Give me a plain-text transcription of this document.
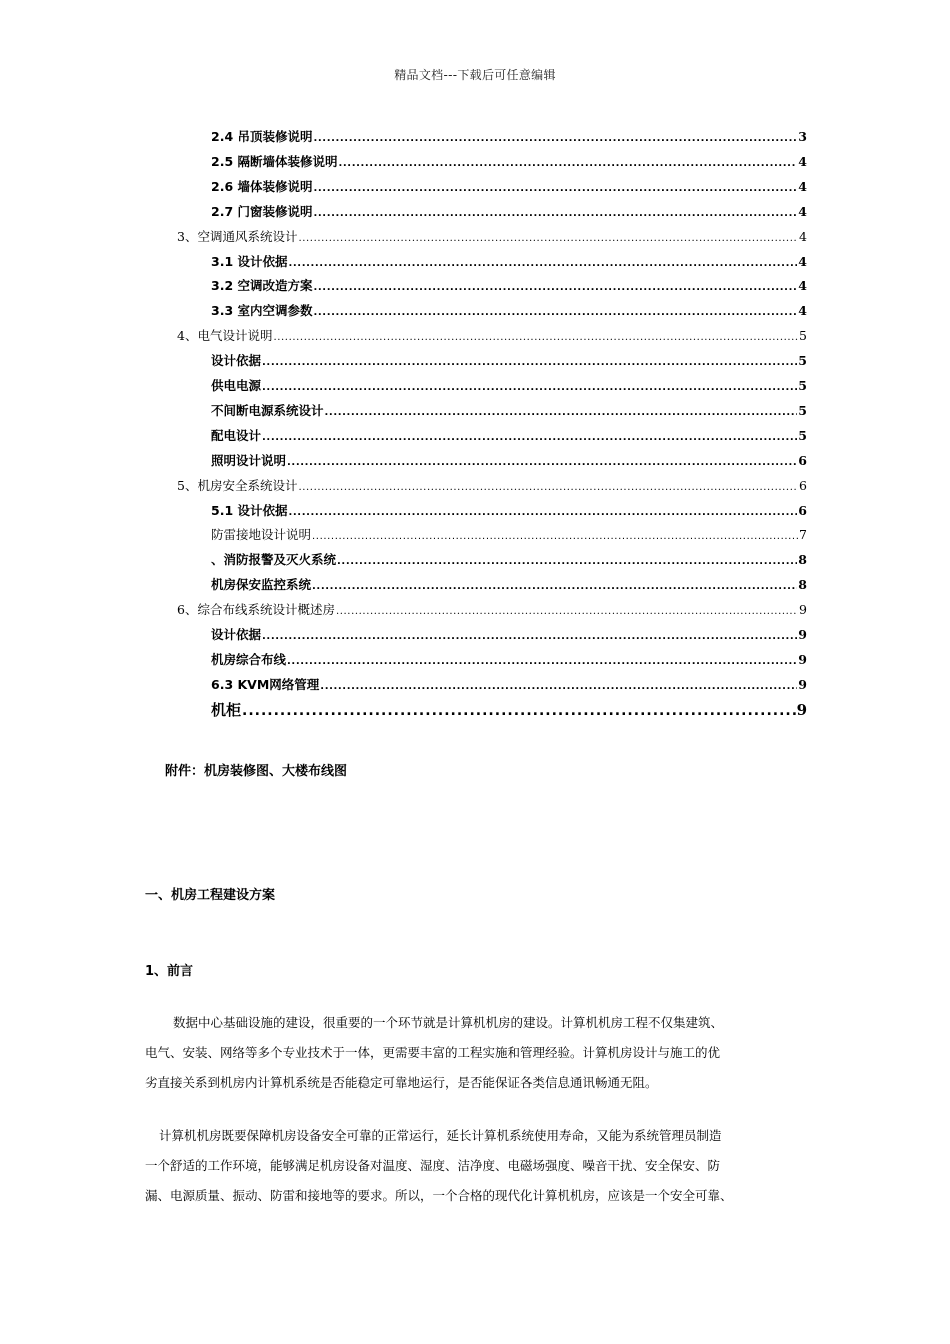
精品文档---下载后可任意编辑
2.4 吊顶装修说明 .....	3
2.5 隔断墙体装修说明 .....	4
2.6 墙体装修说明 .....	4
2.7 门窗装修说明 .....	4
3、空调通风系统设计 .....	4
3.1 设计依据 .....	4
3.2 空调改造方案 .....	4
3.3 室内空调参数 .....	4
4、电气设计说明 .....	5
设计依据 .....	5
供电电源 .....	5
不间断电源系统设计 .....	5
配电设计 .....	5
照明设计说明 .....	6
5、机房安全系统设计 .....	6
5.1 设计依据 .....	6
防雷接地设计说明 .....	7
、消防报警及灭火系统 .....	8
机房保安监控系统 .....	8
6、综合布线系统设计概述房 .....	9
设计依据 .....	9
机房综合布线 .....	9
6.3 KVM网络管理 .....	9
机柜 .....	9
附件：机房装修图、大楼布线图
一、机房工程建设方案
1、前言
数据中心基础设施的建设，很重要的一个环节就是计算机机房的建设。计算机机房工程不仅集建筑、
电气、安装、网络等多个专业技术于一体，更需要丰富的工程实施和管理经验。计算机房设计与施工的优
劣直接关系到机房内计算机系统是否能稳定可靠地运行，是否能保证各类信息通讯畅通无阻。
计算机机房既要保障机房设备安全可靠的正常运行，延长计算机系统使用寿命，又能为系统管理员制造
一个舒适的工作环境，能够满足机房设备对温度、湿度、洁净度、电磁场强度、噪音干扰、安全保安、防
漏、电源质量、振动、防雷和接地等的要求。所以，一个合格的现代化计算机机房，应该是一个安全可靠、
